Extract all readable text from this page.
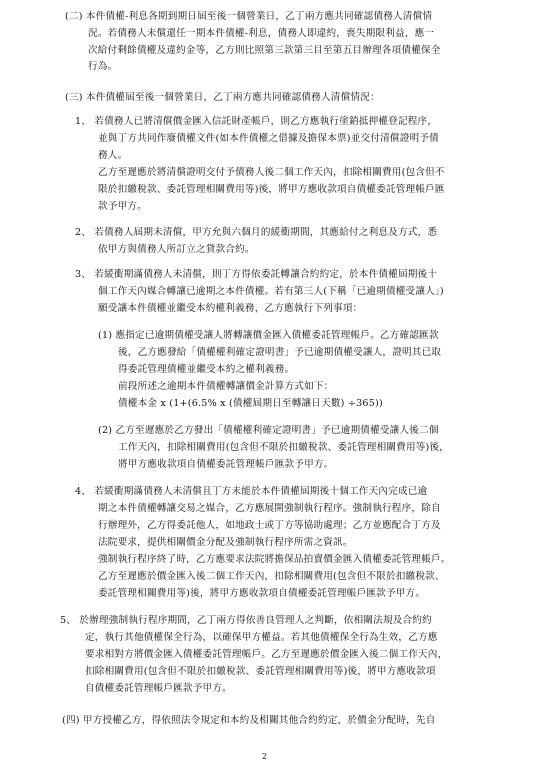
(二) 本件債權-利息各期到期日屆至後一個營業日，乙丁兩方應共同確認債務人清償情
況。若債務人未償還任一期本件債權-利息，債務人即違約，喪失期限利益，應一
次給付剩餘債權及違約金等，乙方則比照第三款第三目至第五目辦理各項債權保全
行為。
(三) 本件債權屆至後一個營業日，乙丁兩方應共同確認債務人清償情況：
1、 若債務人已將清償價金匯入信託財產帳戶，則乙方應執行塗銷抵押權登記程序，
並與丁方共同作廢債權文件(如本件債權之借據及擔保本票)並交付清償證明予債
務人。
乙方至遲應於將清償證明交付予債務人後二個工作天內，扣除相關費用(包含但不
限於扣繳稅款、委託管理相關費用等)後，將甲方應收款項自債權委託管理帳戶匯
款予甲方。
2、 若債務人屆期未清償，甲方允與六個月的緩衝期間，其應給付之利息及方式，悉
依甲方與債務人所訂立之貸款合約。
3、 若緩衝期滿債務人未清償，則丁方得依委託轉讓合約約定，於本件債權屆期後十
個工作天內媒合轉讓已逾期之本件債權。若有第三人(下稱「已逾期債權受讓人」)
願受讓本件債權並繼受本約權利義務，乙方應執行下列事項：
(1) 應指定已逾期債權受讓人將轉讓價金匯入債權委託管理帳戶。乙方確認匯款
後，乙方應發給「債權權利確定證明書」予已逾期債權受讓人，證明其已取
得委託管理債權並繼受本約之權利義務。
前段所述之逾期本件債權轉讓價金計算方式如下：
債權本金 x (1+(6.5% x (債權屆期日至轉讓日天數) ÷365))
(2) 乙方至遲應於乙方發出「債權權利確定證明書」予已逾期債權受讓人後二個
工作天內，扣除相關費用(包含但不限於扣繳稅款、委託管理相關費用等)後，
將甲方應收款項自債權委託管理帳戶匯款予甲方。
4、 若緩衝期滿債務人未清償且丁方未能於本件債權屆期後十個工作天內完成已逾
期之本件債權轉讓交易之媒合，乙方應展開強制執行程序。強制執行程序，除自
行辦理外，乙方得委託他人，如地政士或丁方等協助處理；乙方並應配合丁方及
法院要求，提供相關價金分配及強制執行程序所需之資訊。
強制執行程序終了時，乙方應要求法院將擔保品拍賣價金匯入債權委託管理帳戶。
乙方至遲應於價金匯入後二個工作天內，扣除相關費用(包含但不限於扣繳稅款、
委託管理相關費用等)後，將甲方應收款項自債權委託管理帳戶匯款予甲方。
5、 於辦理強制執行程序期間，乙丁兩方得依善良管理人之判斷，依相關法規及合約約
定，執行其他債權保全行為，以確保甲方權益。若其他債權保全行為生效，乙方應
要求相對方將價金匯入債權委託管理帳戶。乙方至遲應於價金匯入後二個工作天內，
扣除相關費用(包含但不限於扣繳稅款、委託管理相關費用等)後，將甲方應收款項
自債權委託管理帳戶匯款予甲方。
(四) 甲方授權乙方，得依照法令規定和本約及相關其他合約約定，於價金分配時，先自
2
